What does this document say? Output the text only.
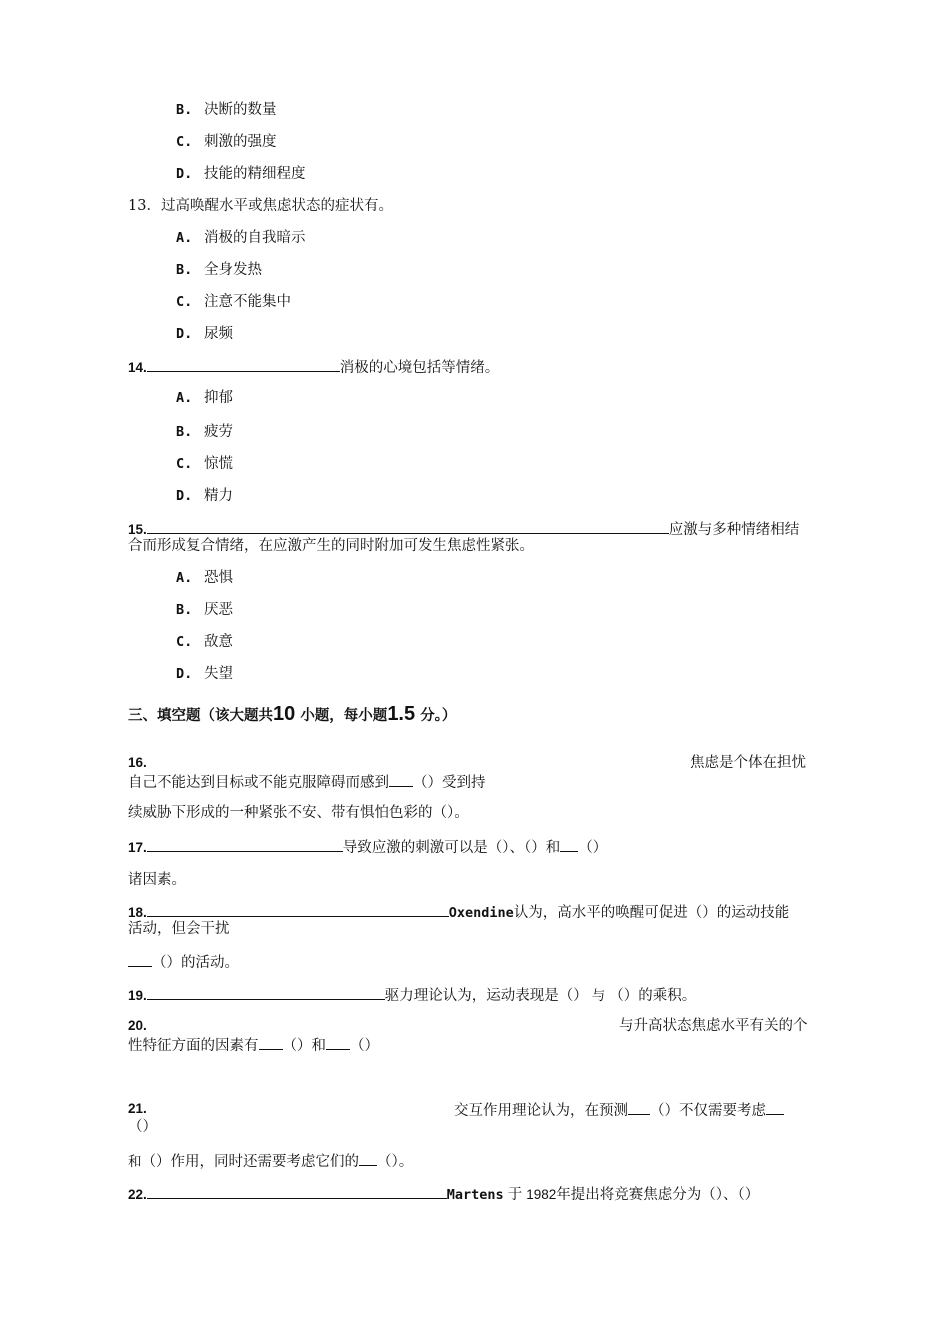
B. 决断的数量
C. 刺激的强度
D. 技能的精细程度
13．过高唤醒水平或焦虑状态的症状有。
A. 消极的自我暗示
B. 全身发热
C. 注意不能集中
D. 尿频
14.	消极的心境包括等情绪。
A. 抑郁
B. 疲劳
C. 惊慌
D. 精力
15.	应激与多种情绪相结
合而形成复合情绪，在应激产生的同时附加可发生焦虑性紧张。
A. 恐惧
B. 厌恶
C. 敌意
D. 失望
三、填空题（该大题共10 小题，每小题1.5 分。）
16.	焦虑是个体在担忧
自己不能达到目标或不能克服障碍而感到 （）受到持
续威胁下形成的一种紧张不安、带有惧怕色彩的（）。
17.	导致应激的刺激可以是（）、（）和 （）
诸因素。
18.	Oxendine认为，高水平的唤醒可促进（）的运动技能
活动，但会干扰
（）的活动。
19.	驱力理论认为，运动表现是（） 与 （）的乘积。
20.	与升高状态焦虑水平有关的个
性特征方面的因素有 （）和 （）
21.	交互作用理论认为，在预测 （）不仅需要考虑
（）
和（）作用，同时还需要考虑它们的 （）。
22.	Martens 于 1982年提出将竞赛焦虑分为（）、（）
